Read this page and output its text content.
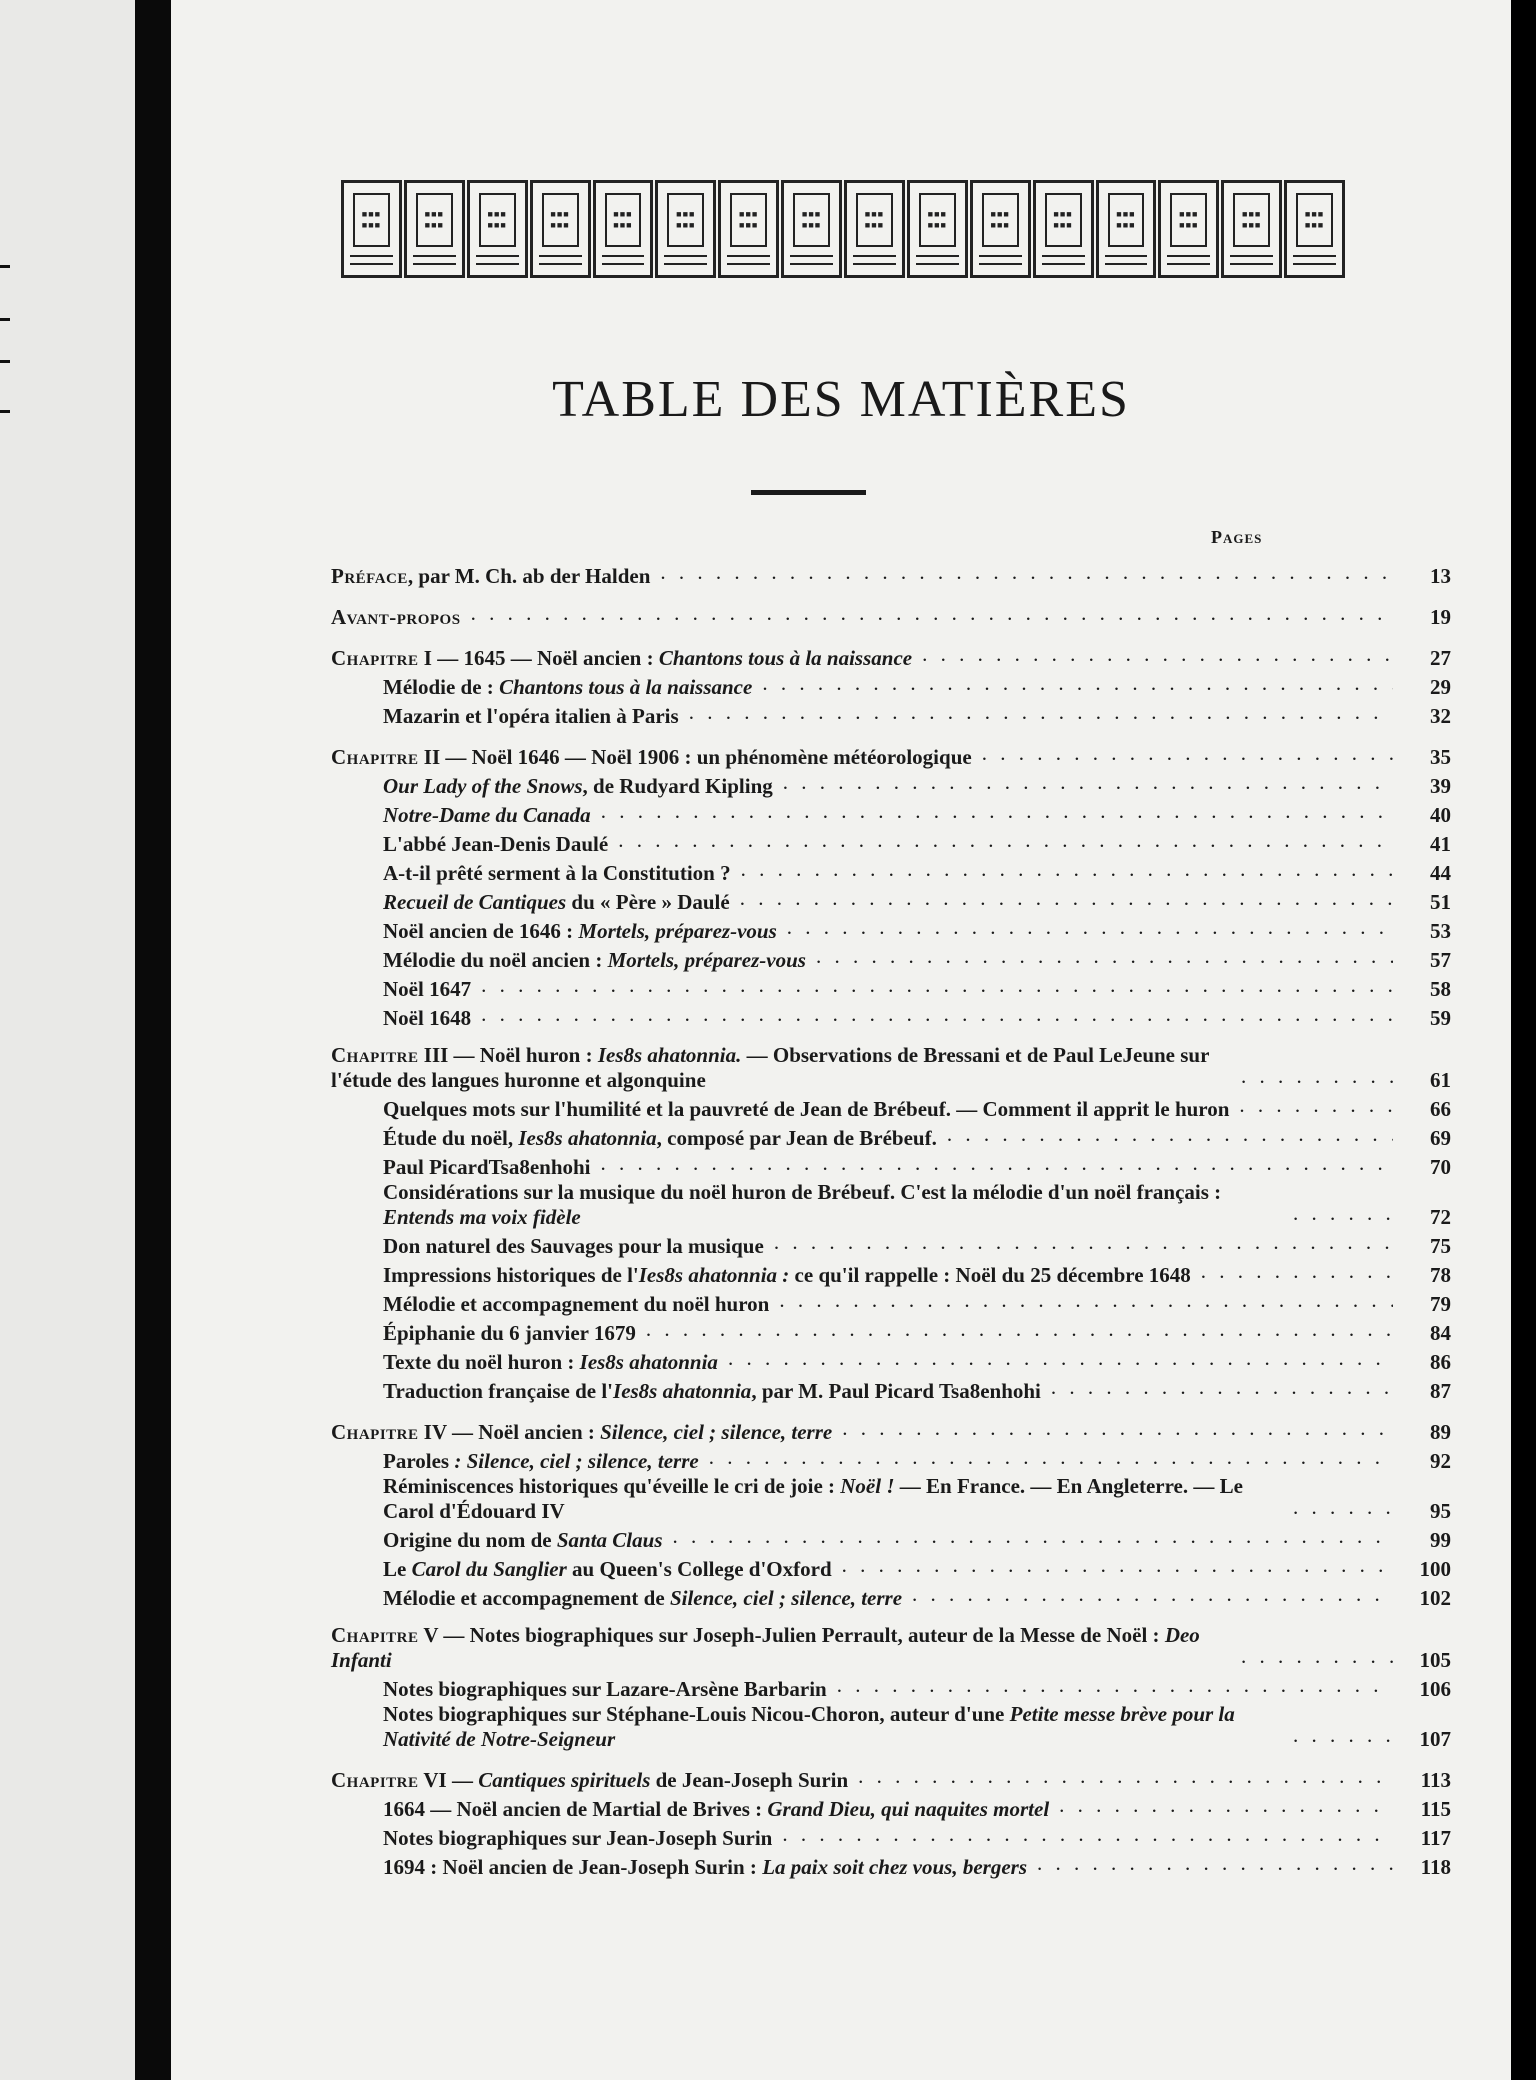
■■■ ■■■
■■■ ■■■
■■■ ■■■
■■■ ■■■
■■■ ■■■
■■■ ■■■
■■■ ■■■
■■■ ■■■
■■■ ■■■
■■■ ■■■
■■■ ■■■
■■■ ■■■
■■■ ■■■
■■■ ■■■
■■■ ■■■
■■■ ■■■
TABLE DES MATIÈRES
Pages
Préface, par M. Ch. ab der Halden . . .	13
Avant-propos . . .	19
Chapitre I — 1645 — Noël ancien : Chantons tous à la naissance . . .	27
Mélodie de : Chantons tous à la naissance . . .	29
Mazarin et l'opéra italien à Paris . . .	32
Chapitre II — Noël 1646 — Noël 1906 : un phénomène météorologique . . .	35
Our Lady of the Snows, de Rudyard Kipling . . .	39
Notre-Dame du Canada . . .	40
L'abbé Jean-Denis Daulé . . .	41
A-t-il prêté serment à la Constitution ? . . .	44
Recueil de Cantiques du « Père » Daulé . . .	51
Noël ancien de 1646 : Mortels, préparez-vous . . .	53
Mélodie du noël ancien : Mortels, préparez-vous . . .	57
Noël 1647 . . .	58
Noël 1648 . . .	59
Chapitre III — Noël huron : Ies8s ahatonnia. — Observations de Bressani et de Paul LeJeune sur l'étude des langues huronne et algonquine . . .	61
Quelques mots sur l'humilité et la pauvreté de Jean de Brébeuf. — Comment il apprit le huron . . .	66
Étude du noël, Ies8s ahatonnia, composé par Jean de Brébeuf. . . .	69
Paul PicardTsa8enhohi . . .	70
Considérations sur la musique du noël huron de Brébeuf. C'est la mélodie d'un noël français : Entends ma voix fidèle . . .	72
Don naturel des Sauvages pour la musique . . .	75
Impressions historiques de l'Ies8s ahatonnia : ce qu'il rappelle : Noël du 25 décembre 1648 . . .	78
Mélodie et accompagnement du noël huron . . .	79
Épiphanie du 6 janvier 1679 . . .	84
Texte du noël huron : Ies8s ahatonnia . . .	86
Traduction française de l'Ies8s ahatonnia, par M. Paul Picard Tsa8enhohi . . .	87
Chapitre IV — Noël ancien : Silence, ciel ; silence, terre . . .	89
Paroles : Silence, ciel ; silence, terre . . .	92
Réminiscences historiques qu'éveille le cri de joie : Noël ! — En France. — En Angleterre. — Le Carol d'Édouard IV . . .	95
Origine du nom de Santa Claus . . .	99
Le Carol du Sanglier au Queen's College d'Oxford . . .	100
Mélodie et accompagnement de Silence, ciel ; silence, terre . . .	102
Chapitre V — Notes biographiques sur Joseph-Julien Perrault, auteur de la Messe de Noël : Deo Infanti . . .	105
Notes biographiques sur Lazare-Arsène Barbarin . . .	106
Notes biographiques sur Stéphane-Louis Nicou-Choron, auteur d'une Petite messe brève pour la Nativité de Notre-Seigneur . . .	107
Chapitre VI — Cantiques spirituels de Jean-Joseph Surin . . .	113
1664 — Noël ancien de Martial de Brives : Grand Dieu, qui naquites mortel . . .	115
Notes biographiques sur Jean-Joseph Surin . . .	117
1694 : Noël ancien de Jean-Joseph Surin : La paix soit chez vous, bergers . . .	118
